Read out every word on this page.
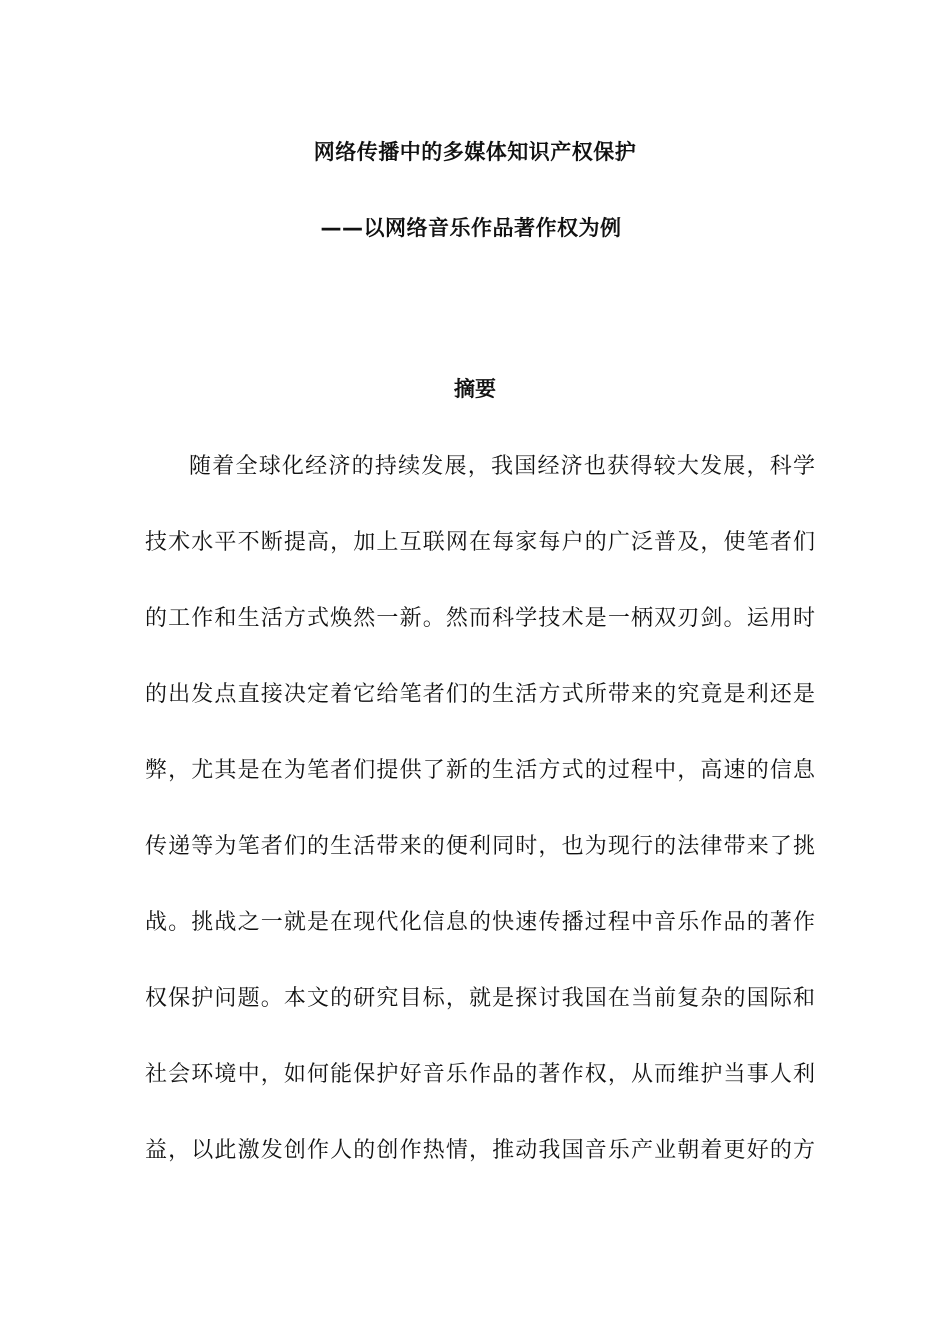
网络传播中的多媒体知识产权保护
——以网络音乐作品著作权为例
摘要
随着全球化经济的持续发展，我国经济也获得较大发展，科学
技术水平不断提高，加上互联网在每家每户的广泛普及，使笔者们
的工作和生活方式焕然一新。然而科学技术是一柄双刃剑。运用时
的出发点直接决定着它给笔者们的生活方式所带来的究竟是利还是
弊，尤其是在为笔者们提供了新的生活方式的过程中，高速的信息
传递等为笔者们的生活带来的便利同时，也为现行的法律带来了挑
战。挑战之一就是在现代化信息的快速传播过程中音乐作品的著作
权保护问题。本文的研究目标，就是探讨我国在当前复杂的国际和
社会环境中，如何能保护好音乐作品的著作权，从而维护当事人利
益，以此激发创作人的创作热情，推动我国音乐产业朝着更好的方
